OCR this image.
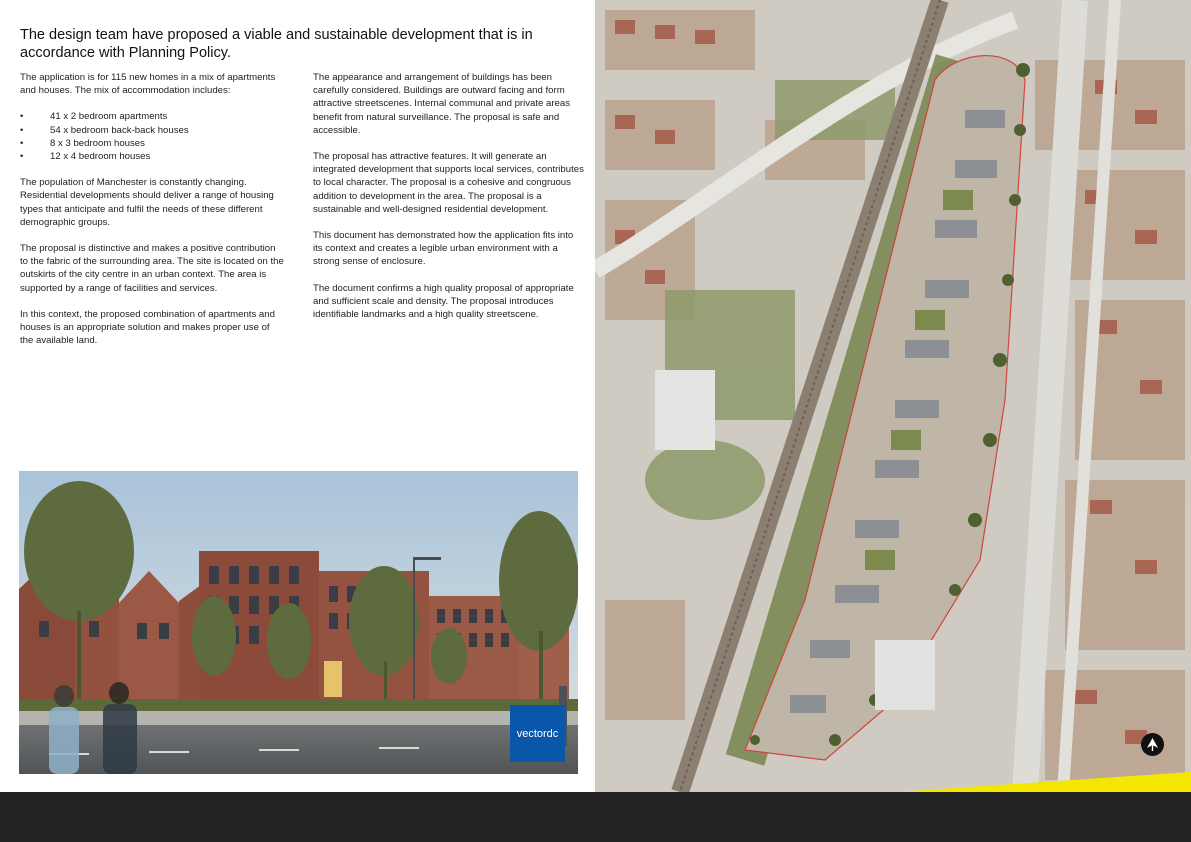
The design team have proposed a viable and sustainable development that is in accordance with Planning Policy.

The application is for 115 new homes in a mix of apartments and houses. The mix of accommodation includes:

• 41 x 2 bedroom apartments
• 54 x bedroom back-back houses
• 8 x 3 bedroom houses
• 12 x 4 bedroom houses

The population of Manchester is constantly changing. Residential developments should deliver a range of housing types that anticipate and fulfil the needs of these different demographic groups.

The proposal is distinctive and makes a positive contribution to the fabric of the surrounding area. The site is located on the outskirts of the city centre in an urban context. The area is supported by a range of facilities and services.

In this context, the proposed combination of apartments and houses is an appropriate solution and makes proper use of the available land.

The appearance and arrangement of buildings has been carefully considered. Buildings are outward facing and form attractive streetscenes. Internal communal and private areas benefit from natural surveillance. The proposal is safe and accessible.

The proposal has attractive features. It will generate an integrated development that supports local services, contributes to local character. The proposal is a cohesive and congruous addition to development in the area. The proposal is a sustainable and well-designed residential development.

This document has demonstrated how the application fits into its context and creates a legible urban environment with a strong sense of enclosure.

The document confirms a high quality proposal of appropriate and sufficient scale and density. The proposal introduces identifiable landmarks and a high quality streetscene.

vectordc
